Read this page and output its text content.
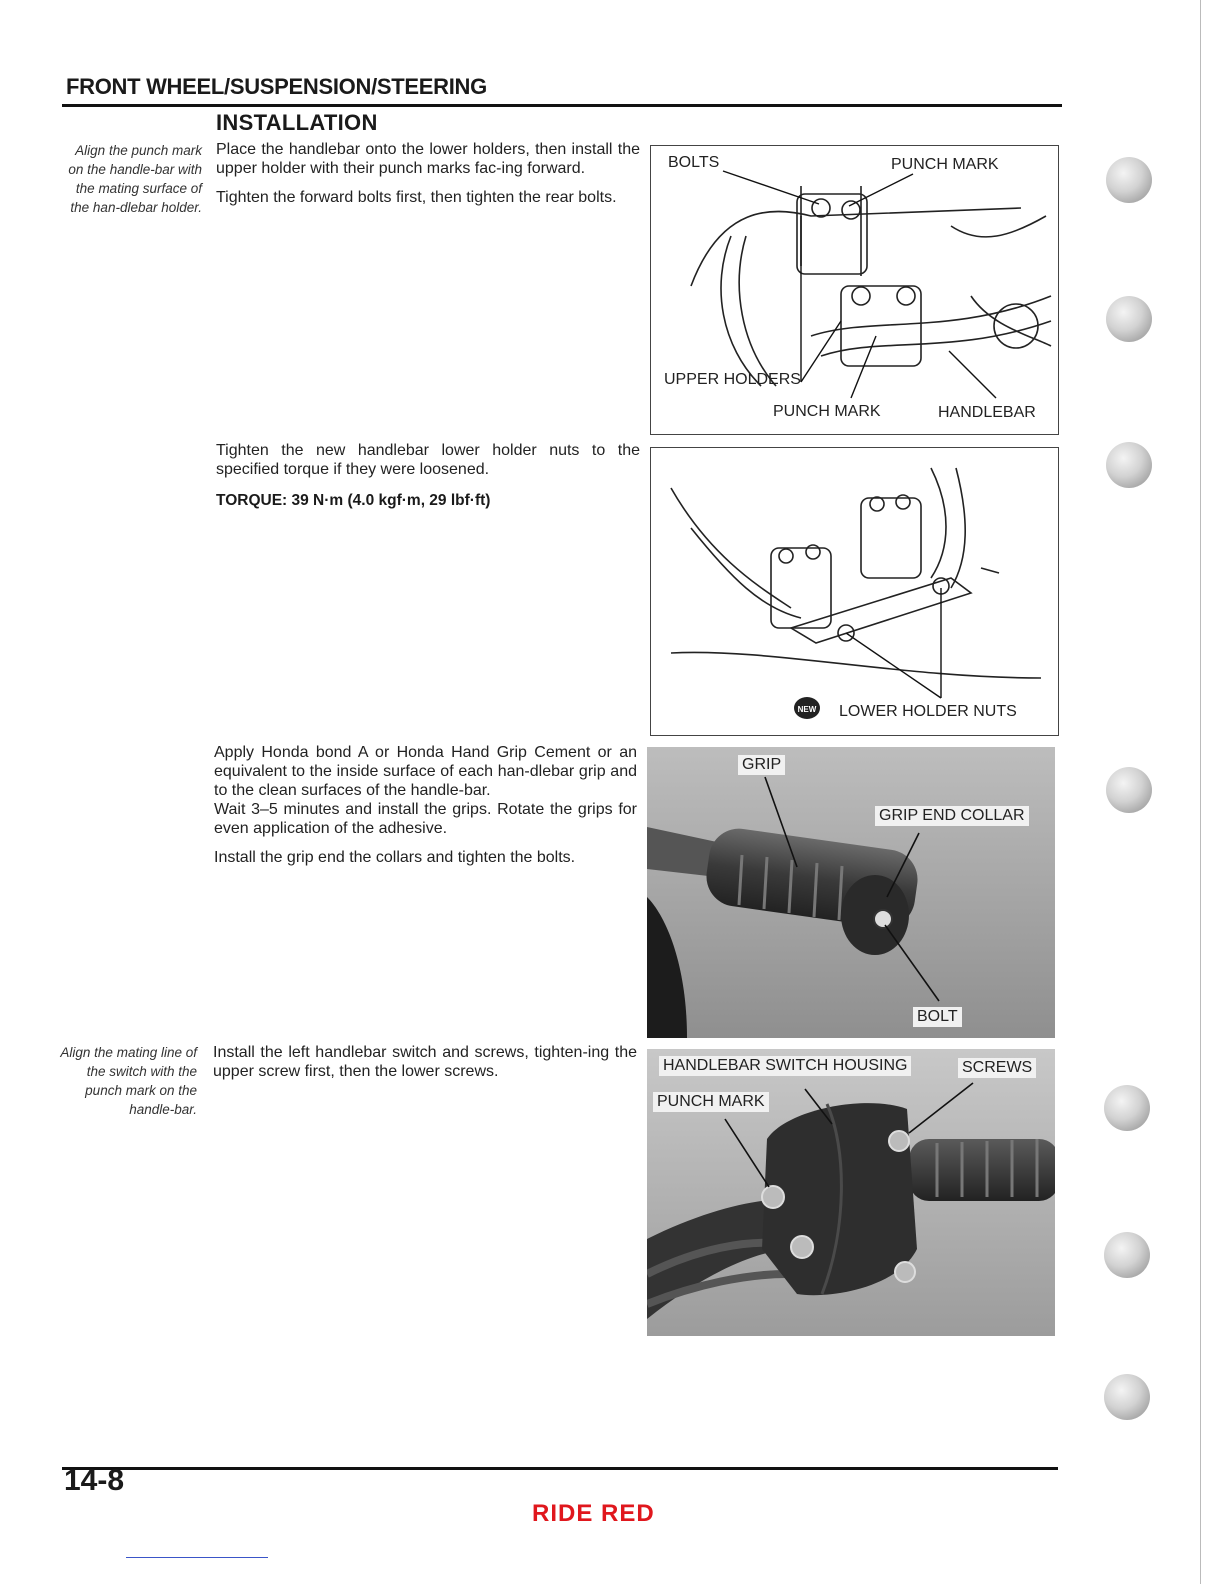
FRONT WHEEL/SUSPENSION/STEERING
INSTALLATION
Align the punch mark on the handle-bar with the mating surface of the han-dlebar holder.
Align the mating line of the switch with the punch mark on the handle-bar.

Place the handlebar onto the lower holders, then install the upper holder with their punch marks fac-ing forward.

Tighten the forward bolts first, then tighten the rear bolts.

Tighten the new handlebar lower holder nuts to the specified torque if they were loosened.
TORQUE: 39 N·m (4.0 kgf·m, 29 lbf·ft)

Apply Honda bond A or Honda Hand Grip Cement or an equivalent to the inside surface of each han-dlebar grip and to the clean surfaces of the handle-bar.

Wait 3–5 minutes and install the grips. Rotate the grips for even application of the adhesive.

Install the grip end the collars and tighten the bolts.

Install the left handlebar switch and screws, tighten-ing the upper screw first, then the lower screws.
BOLTS	PUNCH MARK
UPPER HOLDERS
PUNCH MARK	HANDLEBAR
NEW LOWER HOLDER NUTS
GRIP
GRIP END COLLAR
BOLT
HANDLEBAR SWITCH HOUSING	SCREWS
PUNCH MARK
14-8
RIDE RED
